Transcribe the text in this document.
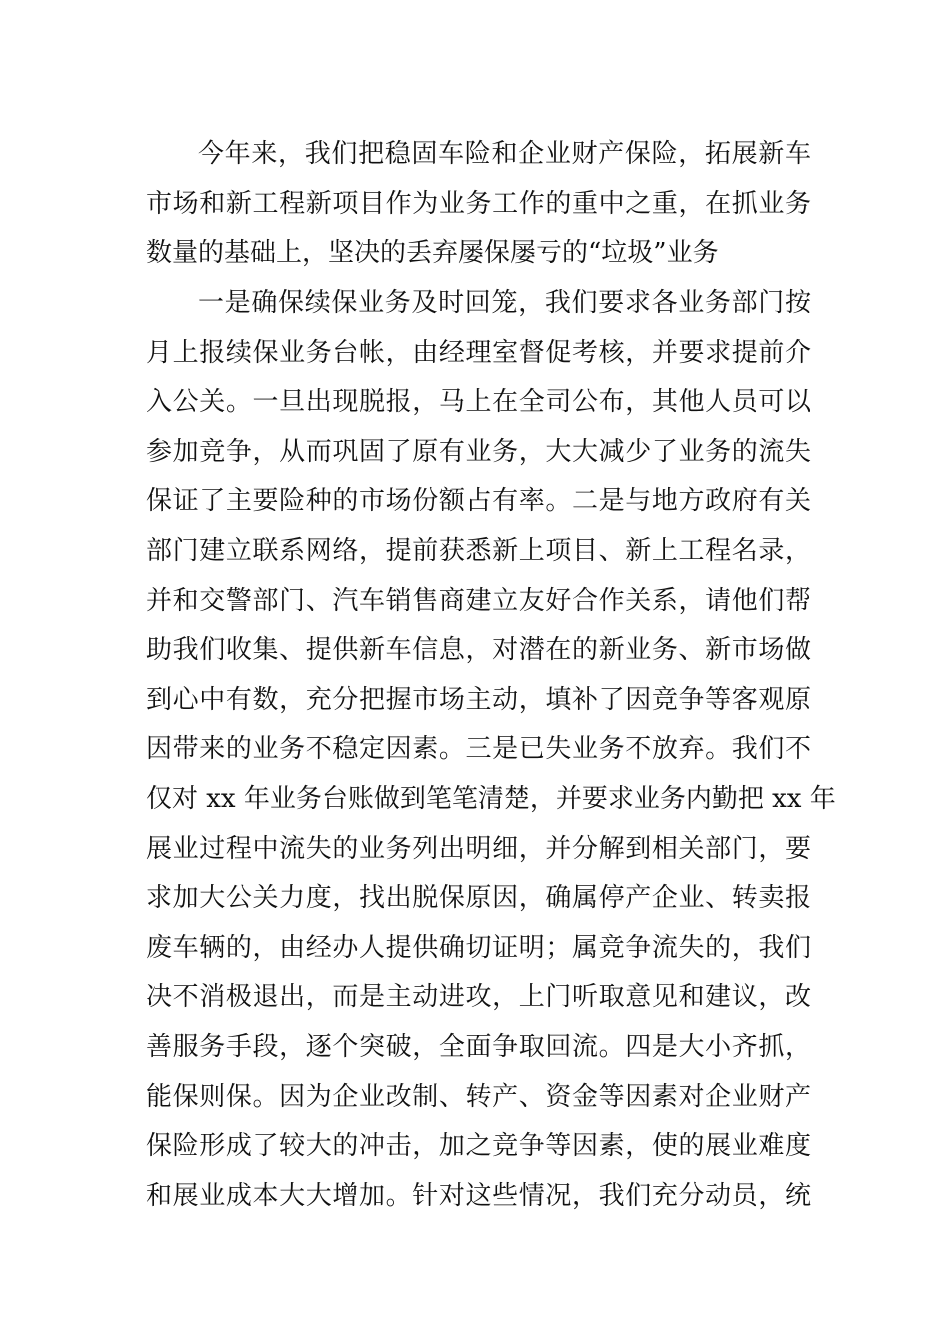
今年来，我们把稳固车险和企业财产保险，拓展新车
市场和新工程新项目作为业务工作的重中之重，在抓业务
数量的基础上，坚决的丢弃屡保屡亏的“垃圾”业务
一是确保续保业务及时回笼，我们要求各业务部门按
月上报续保业务台帐，由经理室督促考核，并要求提前介
入公关。一旦出现脱报，马上在全司公布，其他人员可以
参加竞争，从而巩固了原有业务，大大减少了业务的流失
保证了主要险种的市场份额占有率。二是与地方政府有关
部门建立联系网络，提前获悉新上项目、新上工程名录，
并和交警部门、汽车销售商建立友好合作关系，请他们帮
助我们收集、提供新车信息，对潜在的新业务、新市场做
到心中有数，充分把握市场主动，填补了因竞争等客观原
因带来的业务不稳定因素。三是已失业务不放弃。我们不
仅对 xx 年业务台账做到笔笔清楚，并要求业务内勤把 xx 年
展业过程中流失的业务列出明细，并分解到相关部门，要
求加大公关力度，找出脱保原因，确属停产企业、转卖报
废车辆的，由经办人提供确切证明；属竞争流失的，我们
决不消极退出，而是主动进攻，上门听取意见和建议，改
善服务手段，逐个突破，全面争取回流。四是大小齐抓，
能保则保。因为企业改制、转产、资金等因素对企业财产
保险形成了较大的冲击，加之竞争等因素，使的展业难度
和展业成本大大增加。针对这些情况，我们充分动员，统
